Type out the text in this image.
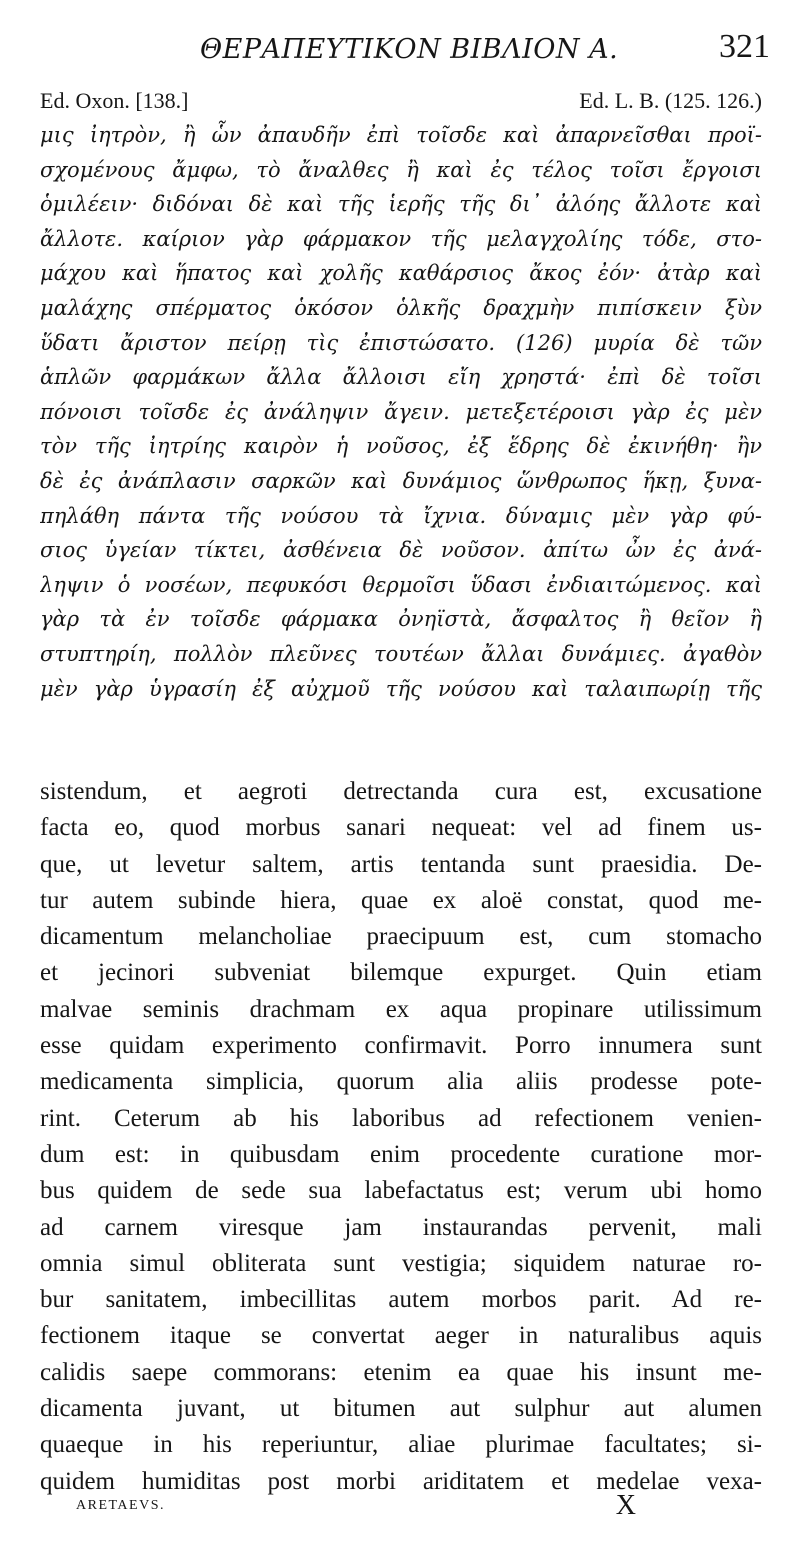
ΘΕΡΑΠΕΥΤΙΚΟΝ ΒΙΒΛΙΟΝ Α.	321
Ed. Oxon. [138.]	Ed. L. B. (125. 126.)
μις ἰητρὸν, ἢ ὧν ἀπαυδῆν ἐπὶ τοῖσδε καὶ ἀπαρνεῖσθαι προϊ-
σχομένους ἄμφω, τὸ ἄναλθες ἢ καὶ ἐς τέλος τοῖσι ἔργοισι
ὁμιλέειν· διδόναι δὲ καὶ τῆς ἱερῆς τῆς δι᾽ ἀλόης ἄλλοτε καὶ
ἄλλοτε. καίριον γὰρ φάρμακον τῆς μελαγχολίης τόδε, στο-
μάχου καὶ ἥπατος καὶ χολῆς καθάρσιος ἄκος ἐόν· ἀτὰρ καὶ
μαλάχης σπέρματος ὁκόσον ὁλκῆς δραχμὴν πιπίσκειν ξὺν
ὕδατι ἄριστον πείρῃ τὶς ἐπιστώσατο. (126) μυρία δὲ τῶν
ἁπλῶν φαρμάκων ἄλλα ἄλλοισι εἴη χρηστά· ἐπὶ δὲ τοῖσι
πόνοισι τοῖσδε ἐς ἀνάληψιν ἄγειν. μετεξετέροισι γὰρ ἐς μὲν
τὸν τῆς ἰητρίης καιρὸν ἡ νοῦσος, ἐξ ἕδρης δὲ ἐκινήθη· ἢν
δὲ ἐς ἀνάπλασιν σαρκῶν καὶ δυνάμιος ὥνθρωπος ἥκῃ, ξυνα-
πηλάθη πάντα τῆς νούσου τὰ ἴχνια. δύναμις μὲν γὰρ φύ-
σιος ὑγείαν τίκτει, ἀσθένεια δὲ νοῦσον. ἀπίτω ὦν ἐς ἀνά-
ληψιν ὁ νοσέων, πεφυκόσι θερμοῖσι ὕδασι ἐνδιαιτώμενος. καὶ
γὰρ τὰ ἐν τοῖσδε φάρμακα ὀνηϊστὰ, ἄσφαλτος ἢ θεῖον ἢ
στυπτηρίη, πολλὸν πλεῦνες τουτέων ἄλλαι δυνάμιες. ἀγαθὸν
μὲν γὰρ ὑγρασίη ἐξ αὐχμοῦ τῆς νούσου καὶ ταλαιπωρίῃ τῆς
sistendum, et aegroti detrectanda cura est, excusatione
facta eo, quod morbus sanari nequeat: vel ad finem us-
que, ut levetur saltem, artis tentanda sunt praesidia. De-
tur autem subinde hiera, quae ex aloë constat, quod me-
dicamentum melancholiae praecipuum est, cum stomacho
et jecinori subveniat bilemque expurget. Quin etiam
malvae seminis drachmam ex aqua propinare utilissimum
esse quidam experimento confirmavit. Porro innumera sunt
medicamenta simplicia, quorum alia aliis prodesse pote-
rint. Ceterum ab his laboribus ad refectionem venien-
dum est: in quibusdam enim procedente curatione mor-
bus quidem de sede sua labefactatus est; verum ubi homo
ad carnem viresque jam instaurandas pervenit, mali
omnia simul obliterata sunt vestigia; siquidem naturae ro-
bur sanitatem, imbecillitas autem morbos parit. Ad re-
fectionem itaque se convertat aeger in naturalibus aquis
calidis saepe commorans: etenim ea quae his insunt me-
dicamenta juvant, ut bitumen aut sulphur aut alumen
quaeque in his reperiuntur, aliae plurimae facultates; si-
quidem humiditas post morbi ariditatem et medelae vexa-
ARETAEVS.	X
